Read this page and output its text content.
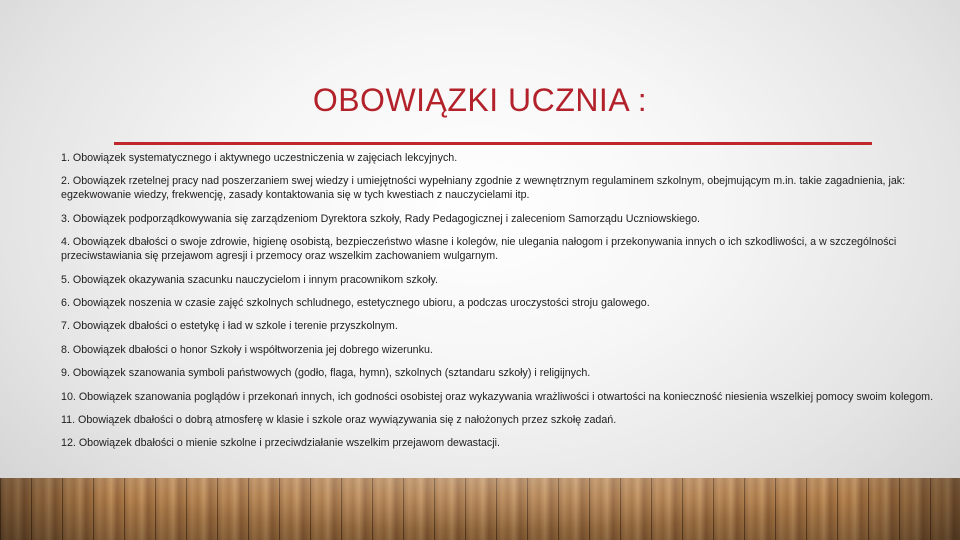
OBOWIĄZKI UCZNIA :
1. Obowiązek systematycznego i aktywnego uczestniczenia w zajęciach lekcyjnych.
2. Obowiązek rzetelnej pracy nad poszerzaniem swej wiedzy i umiejętności wypełniany zgodnie z wewnętrznym regulaminem szkolnym, obejmującym m.in. takie zagadnienia, jak: egzekwowanie wiedzy, frekwencję, zasady kontaktowania się w tych kwestiach z nauczycielami itp.
3. Obowiązek podporządkowywania się zarządzeniom Dyrektora szkoły, Rady Pedagogicznej i zaleceniom Samorządu Uczniowskiego.
4. Obowiązek dbałości o swoje zdrowie, higienę osobistą, bezpieczeństwo własne i kolegów, nie ulegania nałogom i przekonywania innych o ich szkodliwości, a w szczególności przeciwstawiania się przejawom agresji i przemocy oraz wszelkim zachowaniem wulgarnym.
5. Obowiązek okazywania szacunku nauczycielom i innym pracownikom szkoły.
6. Obowiązek noszenia w czasie zajęć szkolnych schludnego, estetycznego ubioru, a podczas uroczystości stroju galowego.
7. Obowiązek dbałości o estetykę i ład w szkole i terenie przyszkolnym.
8. Obowiązek dbałości o honor Szkoły i współtworzenia jej dobrego wizerunku.
9. Obowiązek szanowania symboli państwowych (godło, flaga, hymn), szkolnych (sztandaru szkoły) i religijnych.
10. Obowiązek szanowania poglądów i przekonań innych, ich godności osobistej oraz wykazywania wrażliwości i otwartości na konieczność niesienia wszelkiej pomocy swoim kolegom.
11. Obowiązek dbałości o dobrą atmosferę w klasie i szkole oraz wywiązywania się z nałożonych przez szkołę zadań.
12. Obowiązek dbałości o mienie szkolne i przeciwdziałanie wszelkim przejawom dewastacji.
